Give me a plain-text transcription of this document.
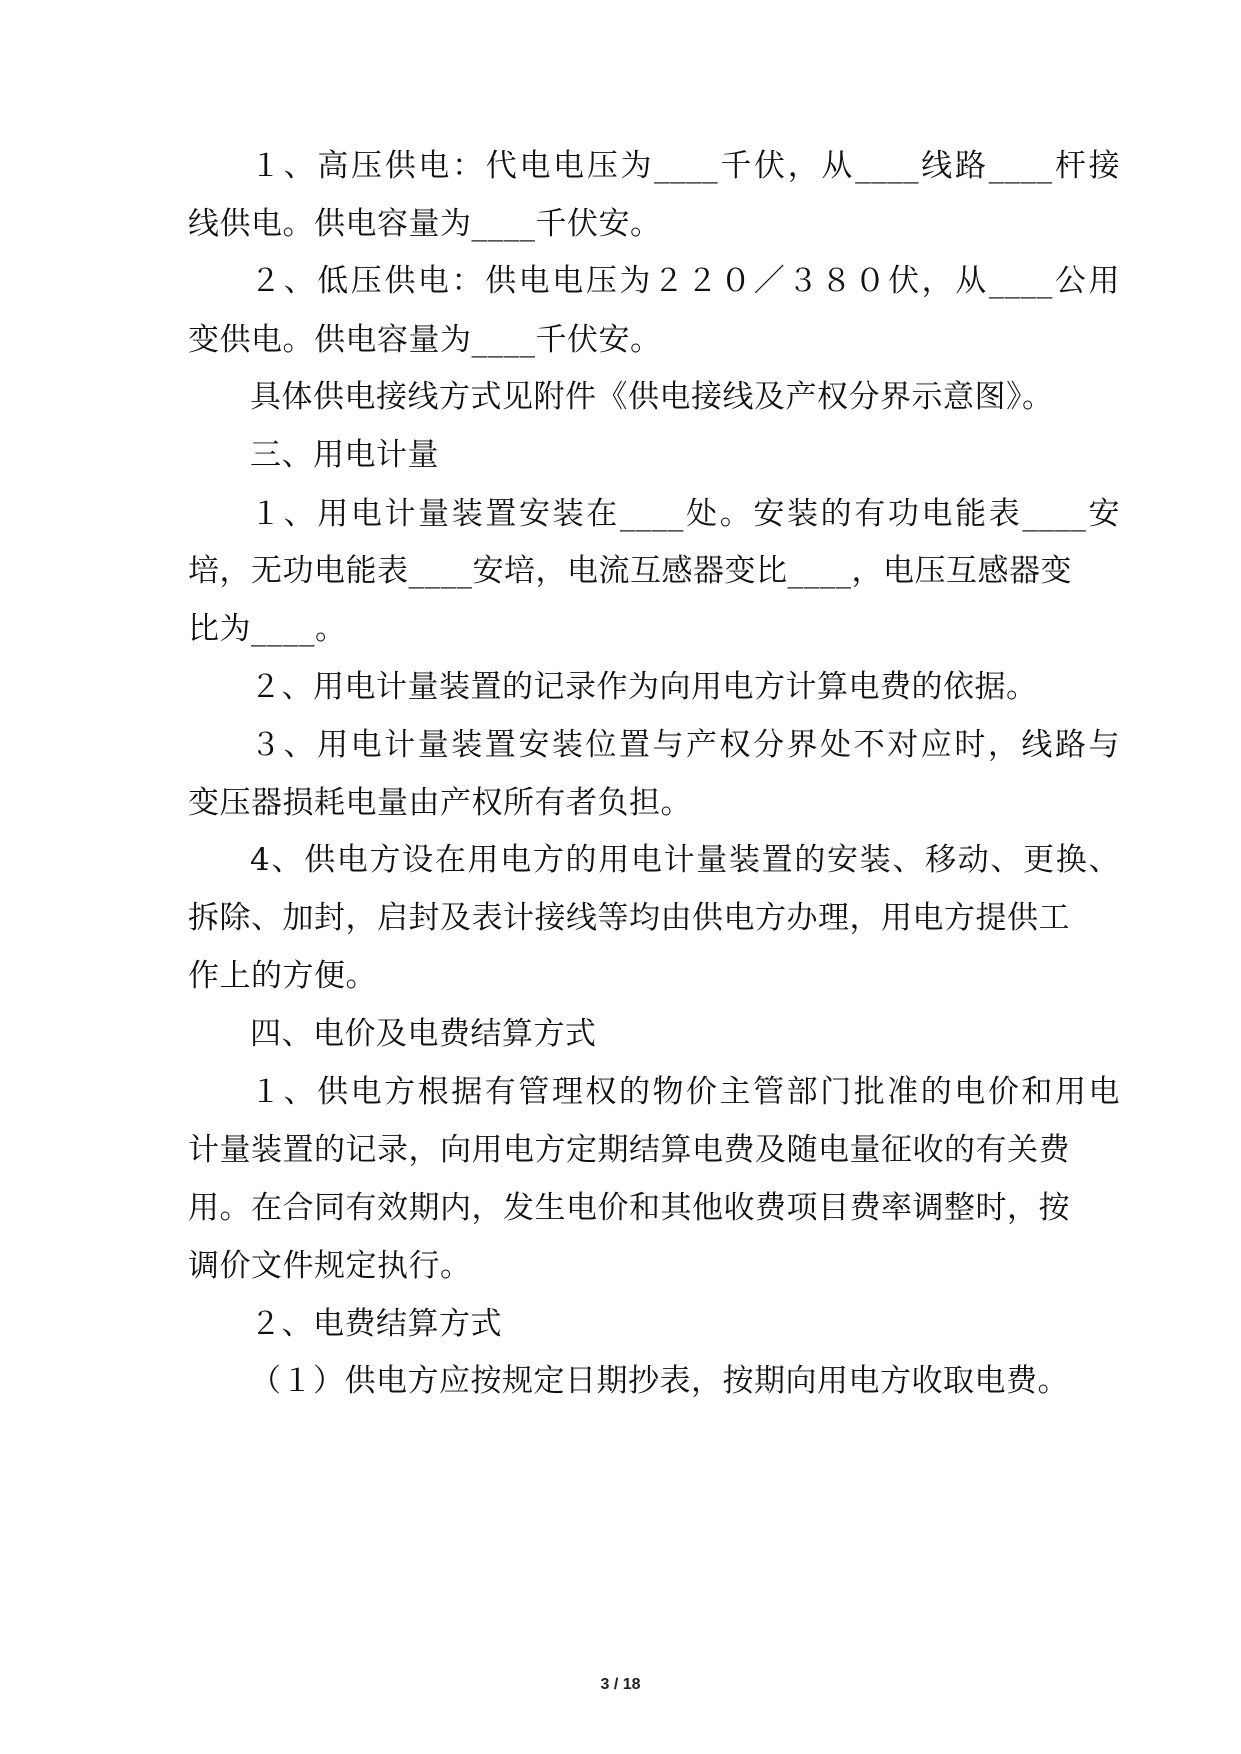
１、高压供电：代电电压为____千伏，从____线路____杆接
线供电。供电容量为____千伏安。
２、低压供电：供电电压为２２０／３８０伏，从____公用
变供电。供电容量为____千伏安。
具体供电接线方式见附件《供电接线及产权分界示意图》。
三、用电计量
１、用电计量装置安装在____处。安装的有功电能表____安
培，无功电能表____安培，电流互感器变比____，电压互感器变
比为____。
２、用电计量装置的记录作为向用电方计算电费的依据。
３、用电计量装置安装位置与产权分界处不对应时，线路与
变压器损耗电量由产权所有者负担。
4、供电方设在用电方的用电计量装置的安装、移动、更换、
拆除、加封，启封及表计接线等均由供电方办理，用电方提供工
作上的方便。
四、电价及电费结算方式
１、供电方根据有管理权的物价主管部门批准的电价和用电
计量装置的记录，向用电方定期结算电费及随电量征收的有关费
用。在合同有效期内，发生电价和其他收费项目费率调整时，按
调价文件规定执行。
２、电费结算方式
（１）供电方应按规定日期抄表，按期向用电方收取电费。
3 / 18
